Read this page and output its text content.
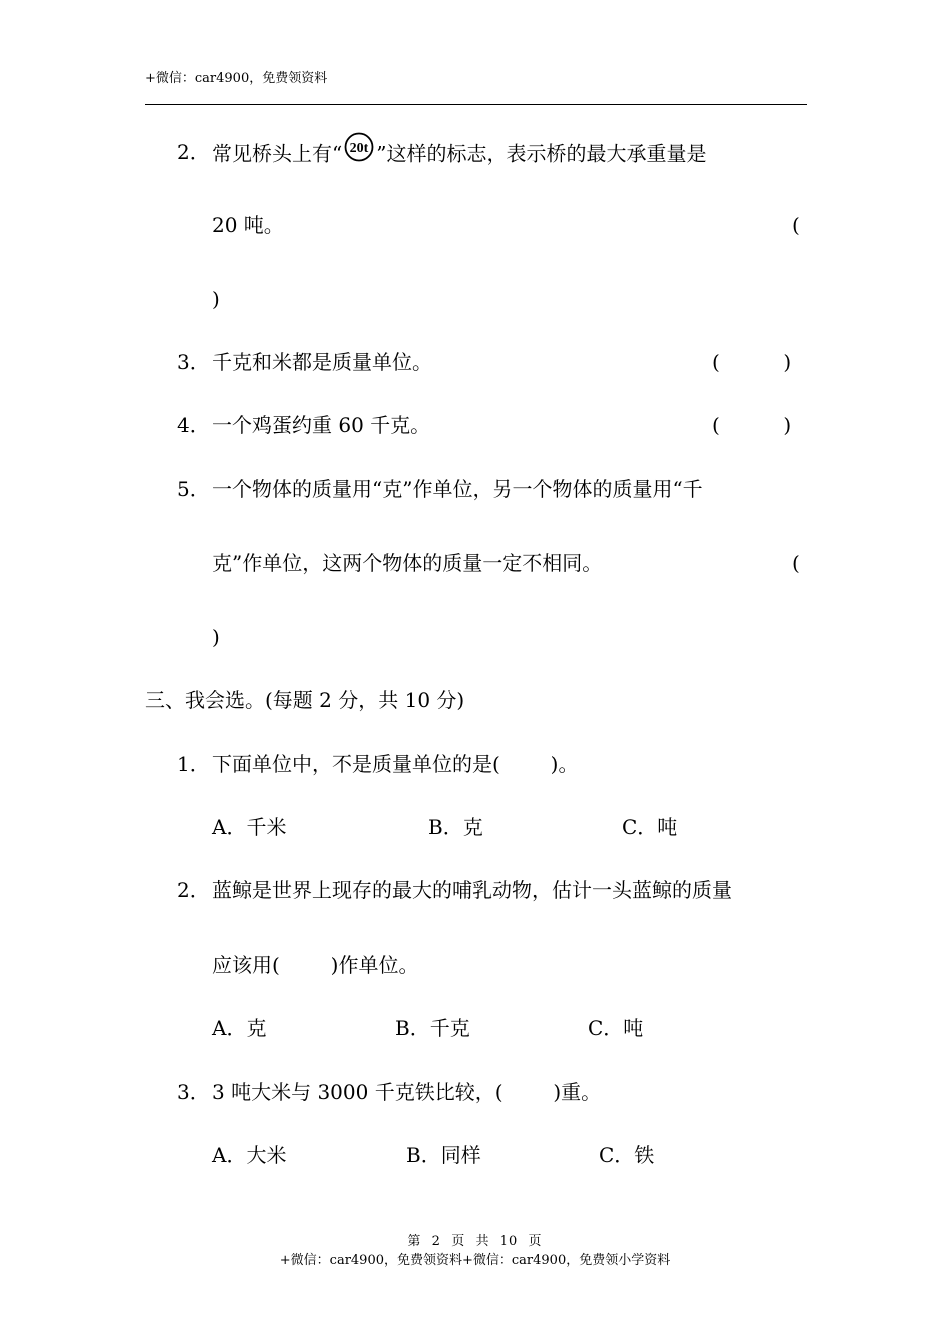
+微信：car4900，免费领资料
2． 常见桥头上有“ 20t ”这样的标志，表示桥的最大承重量是
20 吨。	(
)
3． 千克和米都是质量单位。	(          )
4． 一个鸡蛋约重 60 千克。	(          )
5． 一个物体的质量用“克”作单位，另一个物体的质量用“千
克”作单位，这两个物体的质量一定不相同。	(
)
三、我会选。(每题 2 分，共 10 分)
1． 下面单位中，不是质量单位的是(        )。
A．千米	B．克	C．吨
2． 蓝鲸是世界上现存的最大的哺乳动物，估计一头蓝鲸的质量
应该用(        )作单位。
A．克	B．千克	C．吨
3． 3 吨大米与 3000 千克铁比较，(        )重。
A．大米	B．同样	C．铁
第  2  页  共  10  页
+微信：car4900，免费领资料+微信：car4900，免费领小学资料
